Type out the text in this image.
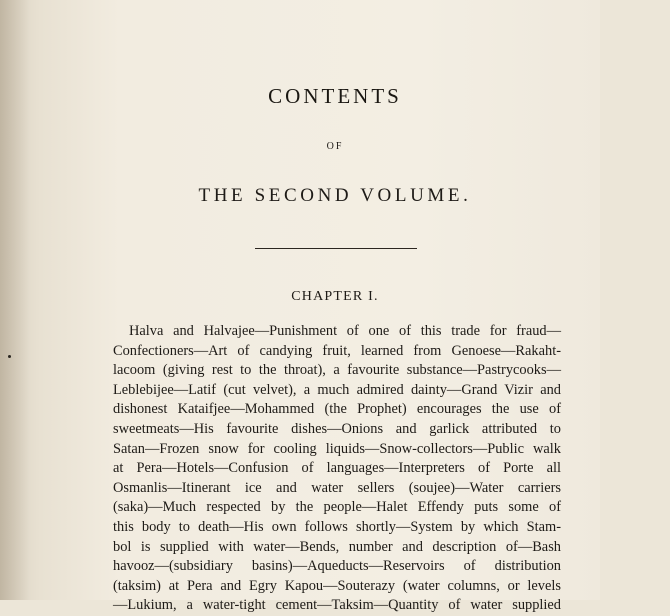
CONTENTS
OF
THE SECOND VOLUME.
CHAPTER I.
Halva and Halvajee—Punishment of one of this trade for fraud—
Confectioners—Art of candying fruit, learned from Genoese—Rakaht-
lacoom (giving rest to the throat), a favourite substance—Pastrycooks—
Leblebijee—Latif (cut velvet), a much admired dainty—Grand Vizir and
dishonest Kataifjee—Mohammed (the Prophet) encourages the use of
sweetmeats—His favourite dishes—Onions and garlick attributed to
Satan—Frozen snow for cooling liquids—Snow-collectors—Public walk
at Pera—Hotels—Confusion of languages—Interpreters of Porte all
Osmanlis—Itinerant ice and water sellers (soujee)—Water carriers
(saka)—Much respected by the people—Halet Effendy puts some of
this body to death—His own follows shortly—System by which Stam-
bol is supplied with water—Bends, number and description of—Bash
havooz—(subsidiary basins)—Aqueducts—Reservoirs of distribution
(taksim) at Pera and Egry Kapou—Souterazy (water columns, or levels
—Lukium, a water-tight cement—Taksim—Quantity of water supplied
